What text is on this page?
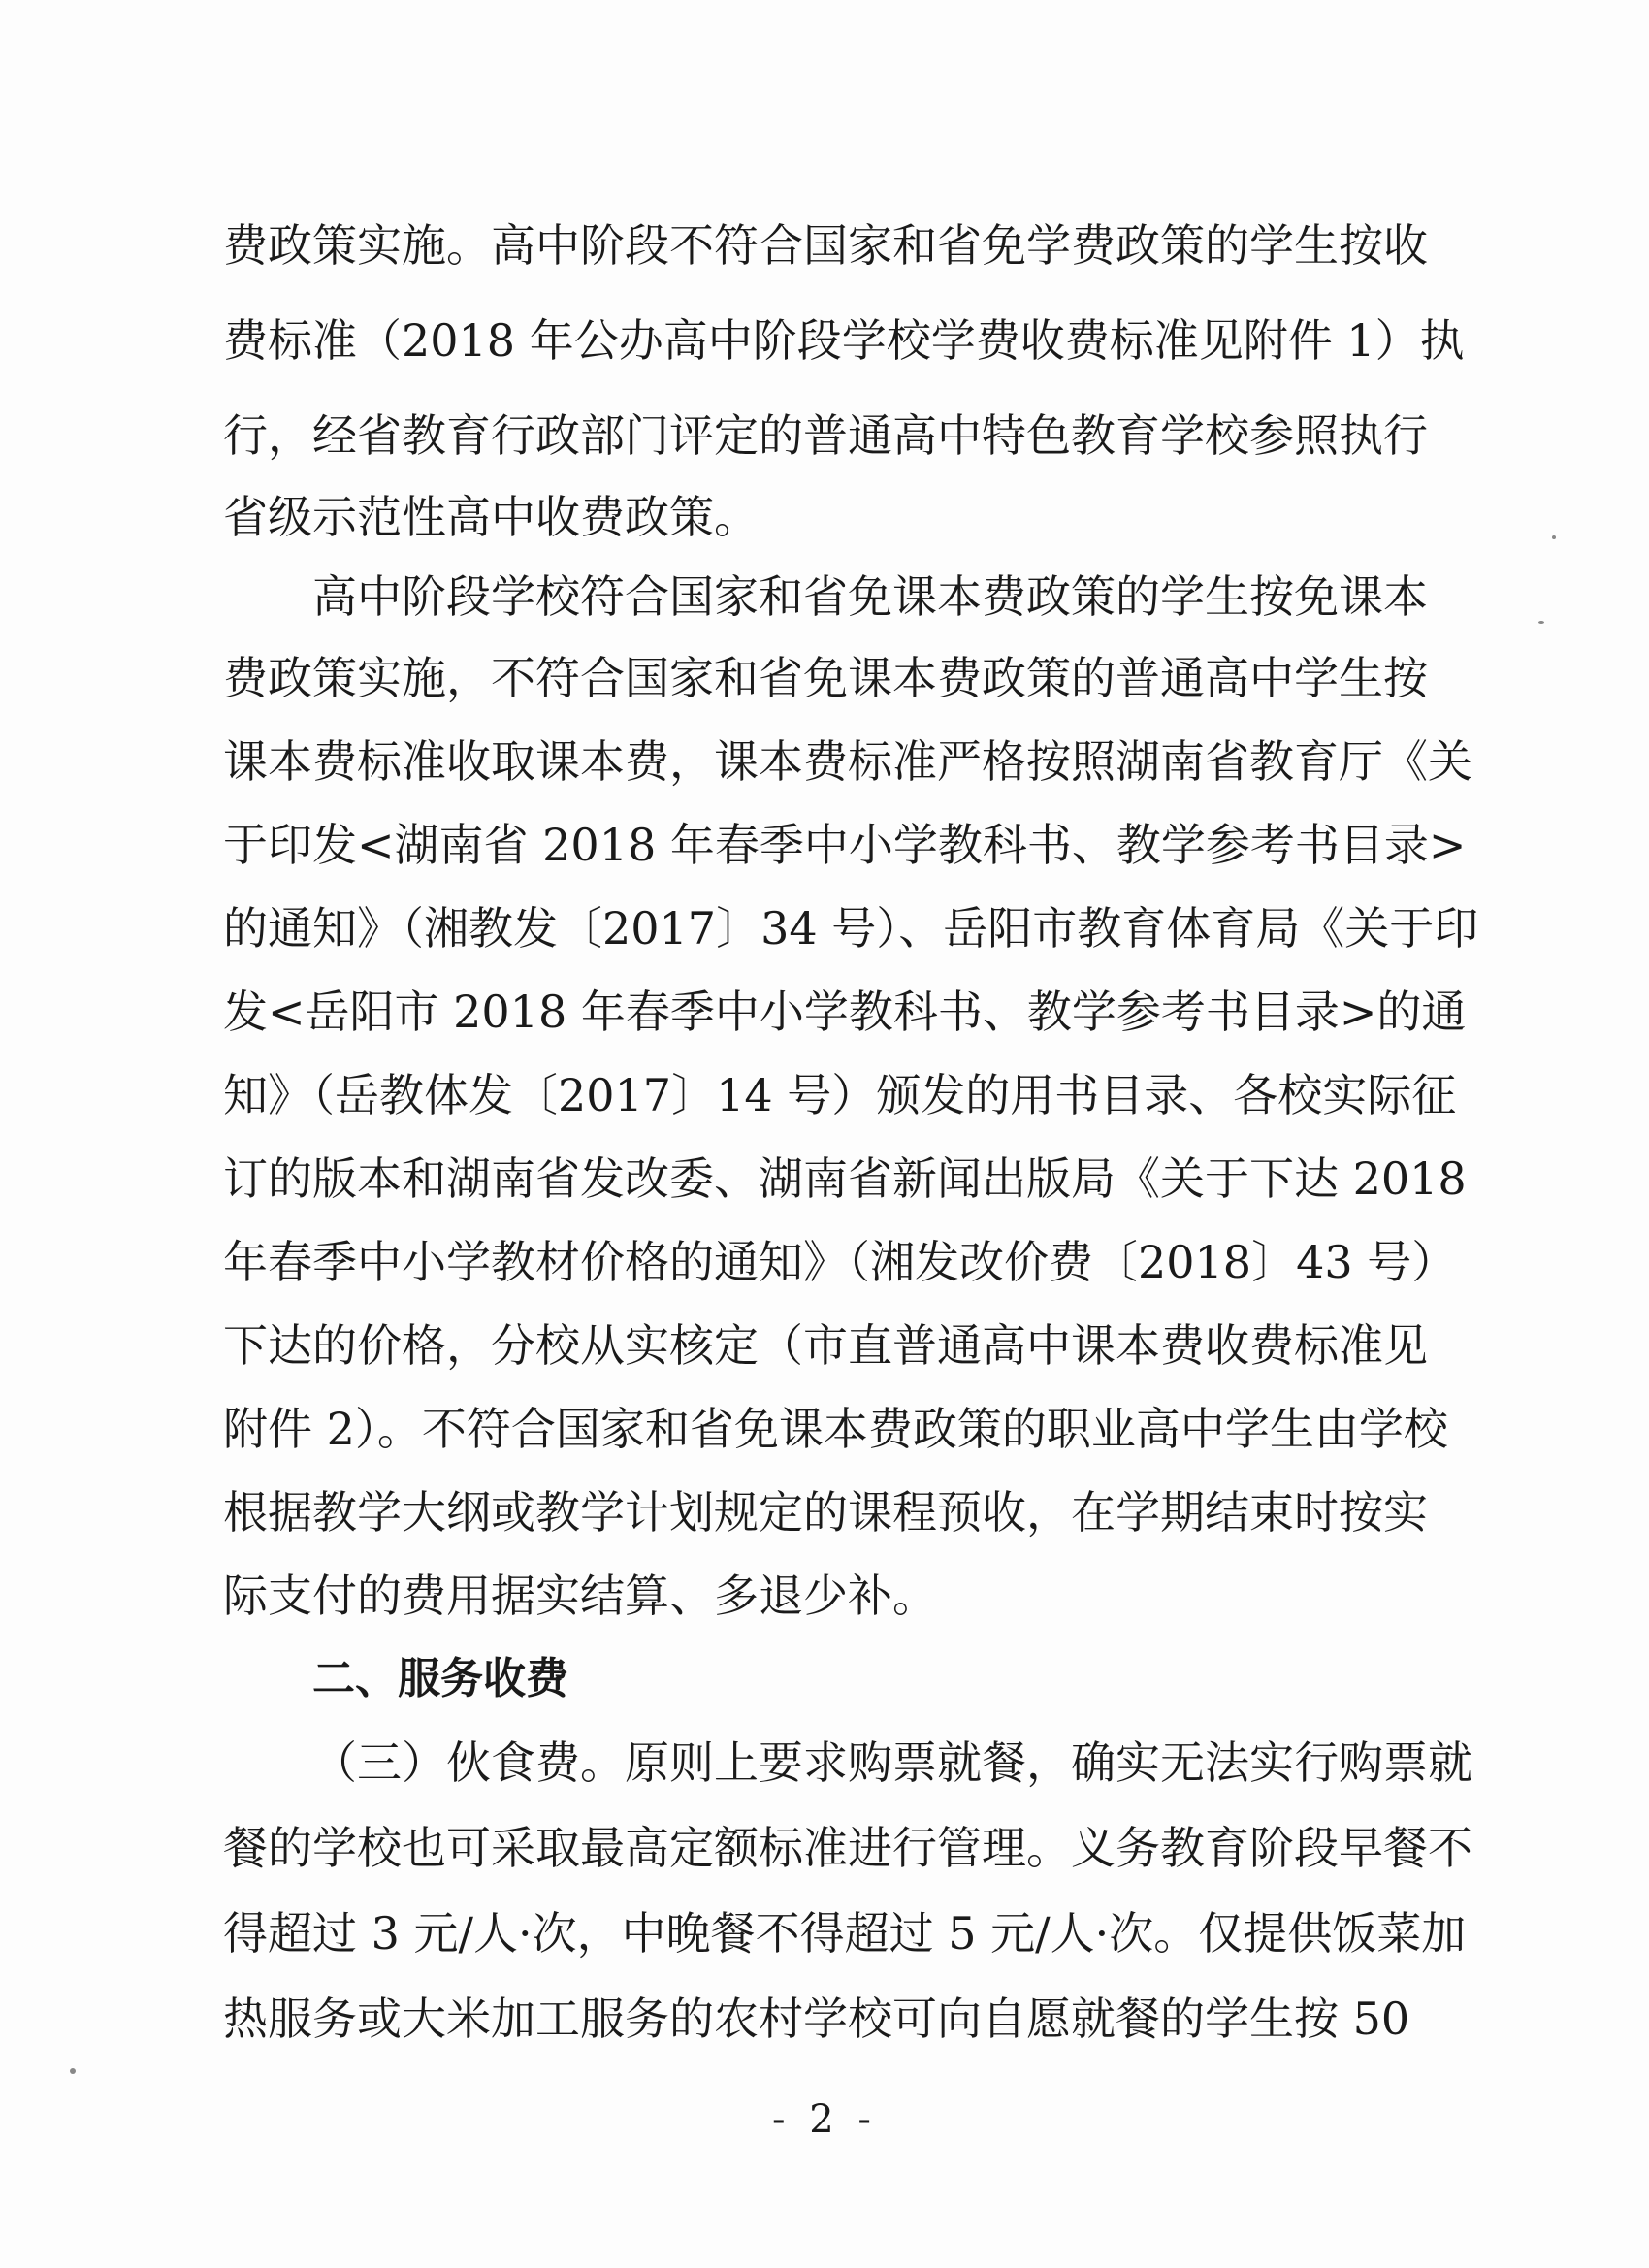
费政策实施。高中阶段不符合国家和省免学费政策的学生按收
费标准（2018 年公办高中阶段学校学费收费标准见附件 1）执
行，经省教育行政部门评定的普通高中特色教育学校参照执行
省级示范性高中收费政策。
高中阶段学校符合国家和省免课本费政策的学生按免课本
费政策实施，不符合国家和省免课本费政策的普通高中学生按
课本费标准收取课本费，课本费标准严格按照湖南省教育厅《关
于印发<湖南省 2018 年春季中小学教科书、教学参考书目录>
的通知》（湘教发〔2017〕34 号）、岳阳市教育体育局《关于印
发<岳阳市 2018 年春季中小学教科书、教学参考书目录>的通
知》（岳教体发〔2017〕14 号）颁发的用书目录、各校实际征
订的版本和湖南省发改委、湖南省新闻出版局《关于下达 2018
年春季中小学教材价格的通知》（湘发改价费〔2018〕43 号）
下达的价格，分校从实核定（市直普通高中课本费收费标准见
附件 2）。不符合国家和省免课本费政策的职业高中学生由学校
根据教学大纲或教学计划规定的课程预收，在学期结束时按实
际支付的费用据实结算、多退少补。
二、服务收费
（三）伙食费。原则上要求购票就餐，确实无法实行购票就
餐的学校也可采取最高定额标准进行管理。义务教育阶段早餐不
得超过 3 元/人·次，中晚餐不得超过 5 元/人·次。仅提供饭菜加
热服务或大米加工服务的农村学校可向自愿就餐的学生按 50
- 2 -
